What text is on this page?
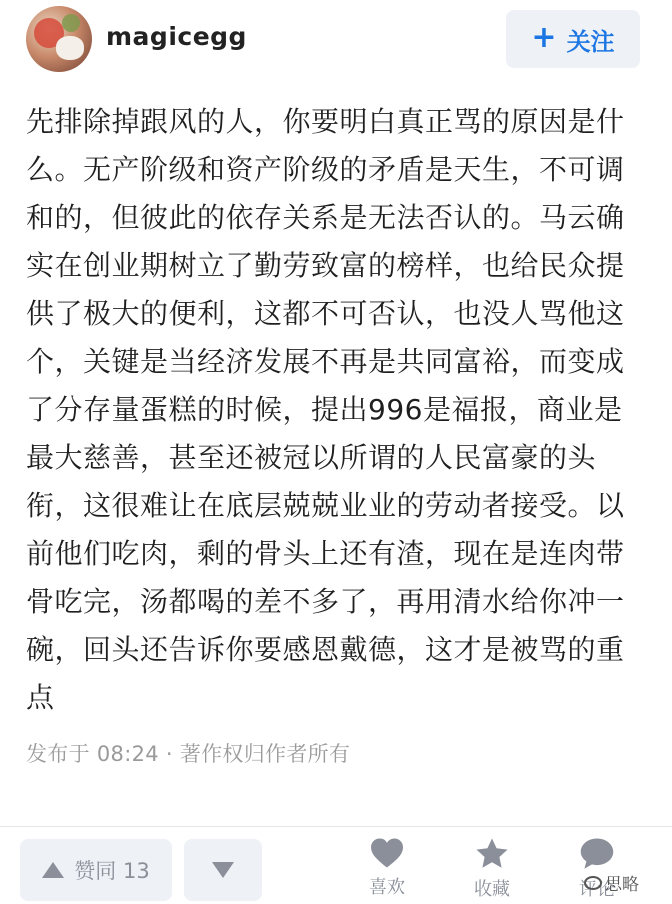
magicegg	+ 关注
先排除掉跟风的人，你要明白真正骂的原因是什么。无产阶级和资产阶级的矛盾是天生，不可调和的，但彼此的依存关系是无法否认的。马云确实在创业期树立了勤劳致富的榜样，也给民众提供了极大的便利，这都不可否认，也没人骂他这个，关键是当经济发展不再是共同富裕，而变成了分存量蛋糕的时候，提出996是福报，商业是最大慈善，甚至还被冠以所谓的人民富豪的头衔，这很难让在底层兢兢业业的劳动者接受。以前他们吃肉，剩的骨头上还有渣，现在是连肉带骨吃完，汤都喝的差不多了，再用清水给你冲一碗，回头还告诉你要感恩戴德，这才是被骂的重点
发布于 08:24 · 著作权归作者所有
赞同 13
喜欢	收藏	评论
思略
